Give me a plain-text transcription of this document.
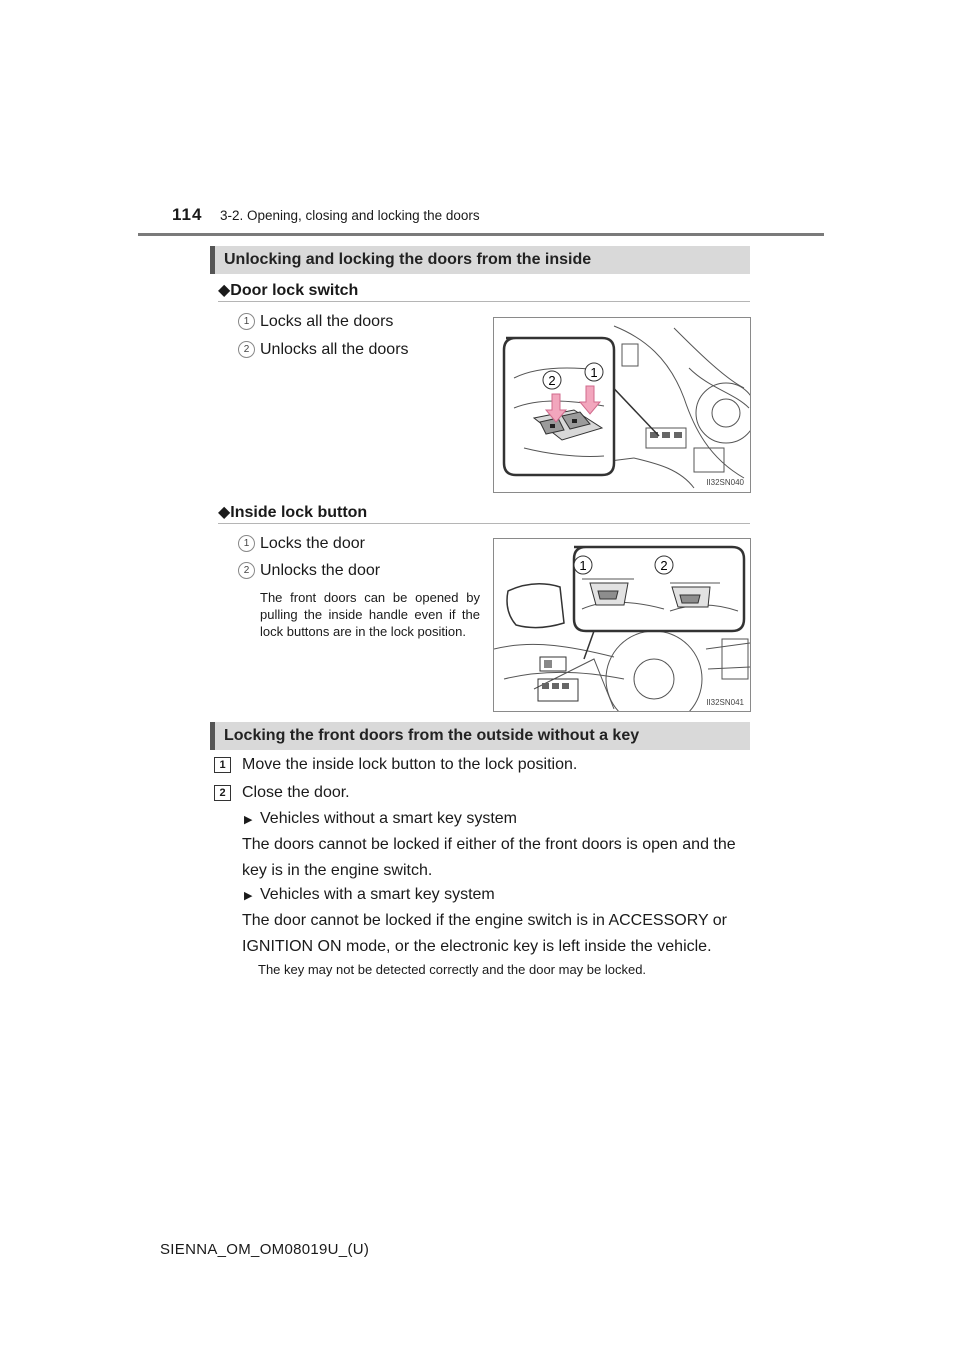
114 3-2. Opening, closing and locking the doors
Unlocking and locking the doors from the inside
◆Door lock switch
1 Locks all the doors
2 Unlocks all the doors
2
1
II32SN040
◆Inside lock button
1 Locks the door
2 Unlocks the door
The front doors can be opened by pulling the inside handle even if the lock buttons are in the lock position.
1	2
II32SN041
Locking the front doors from the outside without a key
1	Move the inside lock button to the lock position.
2	Close the door.
▶ Vehicles without a smart key system
The doors cannot be locked if either of the front doors is open and the key is in the engine switch.
▶ Vehicles with a smart key system
The door cannot be locked if the engine switch is in ACCESSORY or IGNITION ON mode, or the electronic key is left inside the vehicle.
The key may not be detected correctly and the door may be locked.
SIENNA_OM_OM08019U_(U)
